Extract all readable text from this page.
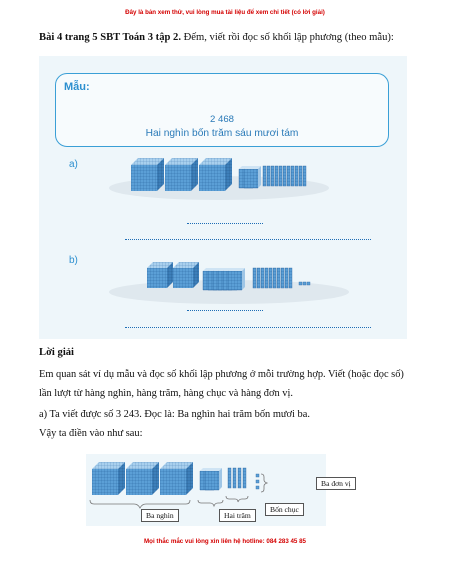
Đây là bản xem thử, vui lòng mua tài liệu để xem chi tiết (có lời giải)
Bài 4 trang 5 SBT Toán 3 tập 2. Đếm, viết rồi đọc số khối lập phương (theo mẫu):
Mẫu:
2 468
Hai nghìn bốn trăm sáu mươi tám
a)
b)
Lời giải
Em quan sát ví dụ mẫu và đọc số khối lập phương ở mỗi trường hợp. Viết (hoặc đọc số) lần lượt từ hàng nghìn, hàng trăm, hàng chục và hàng đơn vị.
a) Ta viết được số 3 243. Đọc là: Ba nghìn hai trăm bốn mươi ba.
Vậy ta điền vào như sau:
Ba đơn vị
Ba nghìn	Hai trăm
Bốn chục
Mọi thắc mắc vui lòng xin liên hệ hotline: 084 283 45 85
